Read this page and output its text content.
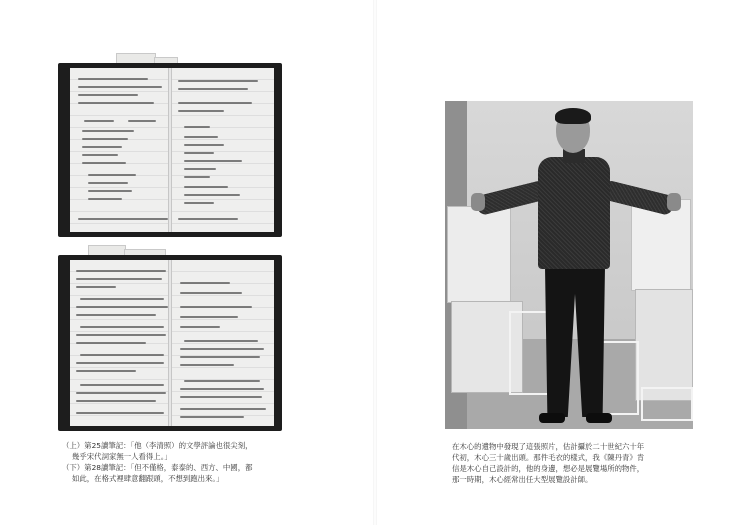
（上）第25讀筆記：「他（李清照）的文學評論也很尖刻，

幾乎宋代詞家無一人看得上。」

（下）第28讀筆記：「但不僅格，泰泰的、西方、中國，都

如此，在格式裡肆意翻跟頭，不想到跑出來。」

在木心的遺物中發現了這張照片，估計攝於二十世紀六十年

代初，木心三十歲出頭。那件毛衣的樣式，我《陳丹青》肯

信是木心自己設計的，他的身邊，想必是展覽場所的物件，

那一時期，木心經常出任大型展覽設計師。
